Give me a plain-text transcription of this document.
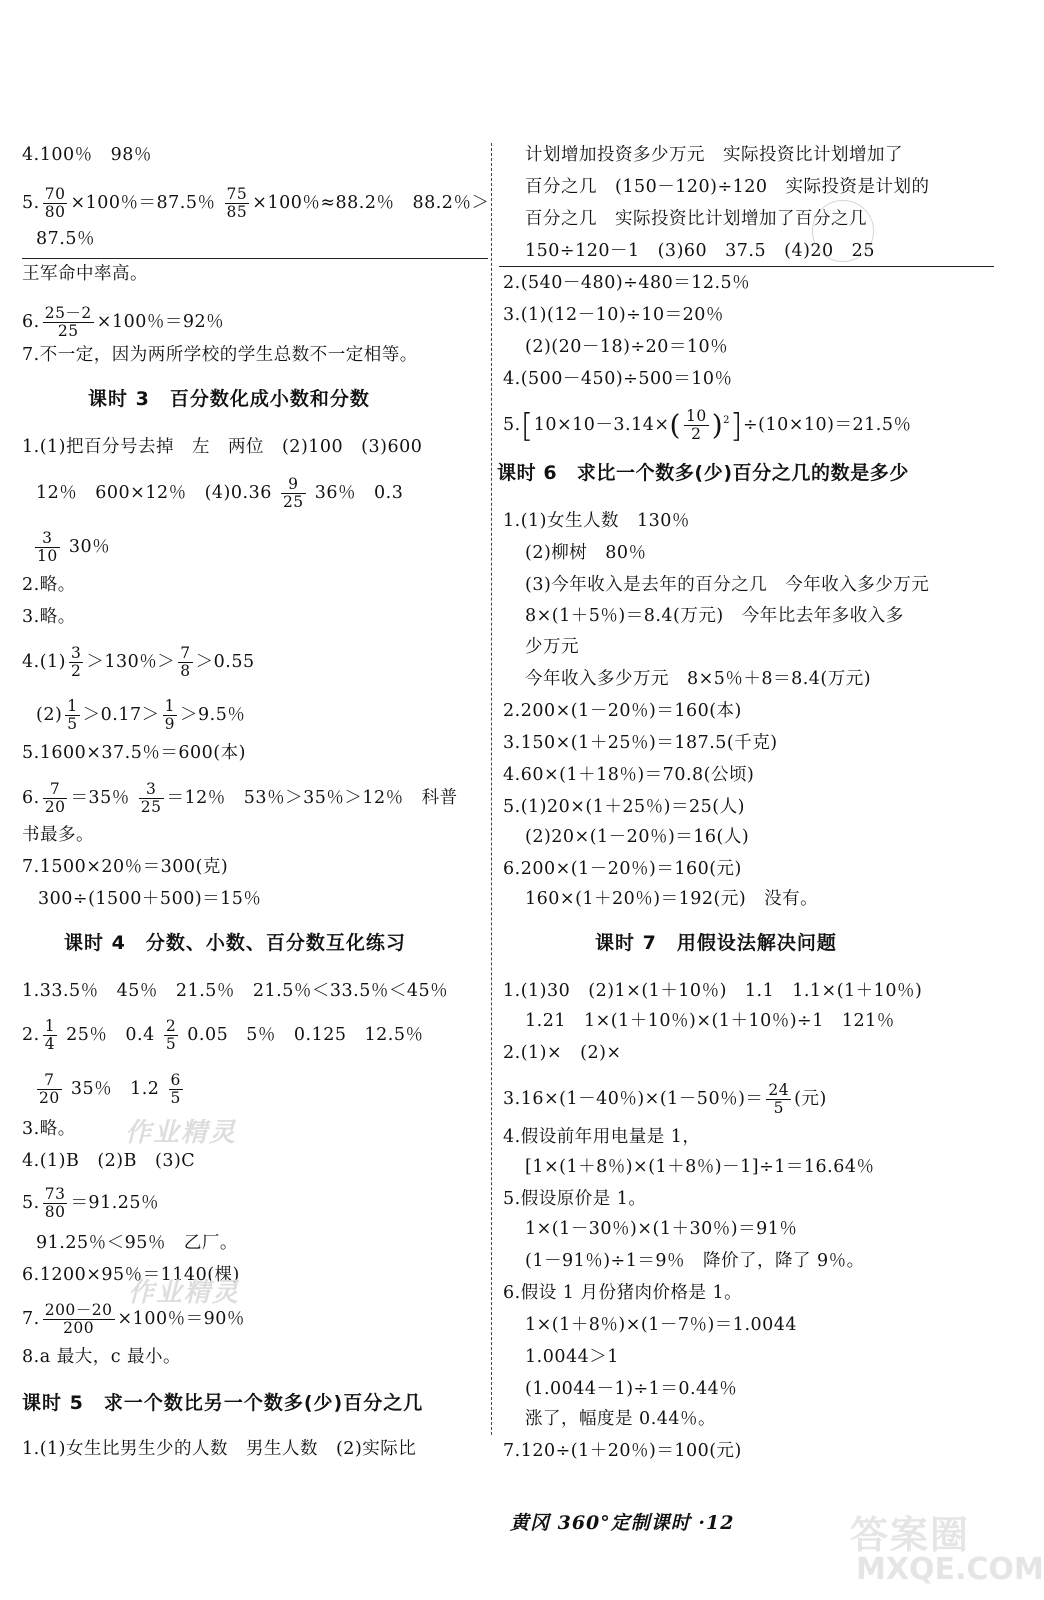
4.100％　98％
5. $\frac{70}{80} \times 100$％＝87.5％ $\frac{75}{85} \times 100$％≈88.2％　88.2％＞
87.5％
王军命中率高。
6. $\frac{25-2}{25} \times 100$％＝92％
7.不一定，因为两所学校的学生总数不一定相等。
课时 3　百分数化成小数和分数
1.(1)把百分号去掉　左　两位　(2)100　(3)600
12％　600×12％　$(4)0.36 \frac{9}{25} 36$％　0.3
$\frac{3}{10} 30$％
2.略。
3.略。
$4.(1) \frac{3}{2} >130$％＞ $\frac{7}{8} >0.55$
$(2) \frac{1}{5} >0.17> \frac{1}{9} >9.5$％
5.1600×37.5％＝600(本)
6. $\frac{7}{20} =35$％ $\frac{3}{25} =12$％　53％＞35％＞12％　科普
书最多。
7.1500×20％＝300(克)
300÷(1500＋500)＝15％
课时 4　分数、小数、百分数互化练习
1.33.5％　45％　21.5％　21.5％＜33.5％＜45％
2. $\frac{1}{4} 25$％　$0.4 \frac{2}{5} 0.05$　5％　0.125　12.5％
$\frac{7}{20} 35$％　$1.2 \frac{6}{5}$
3.略。
4.(1)B　(2)B　(3)C
5. $\frac{73}{80} =91.25$％
91.25％＜95％　乙厂。
6.1200×95％＝1140(棵)
7. $\frac{200-20}{200} \times 100$％＝90％
8.a 最大，c 最小。
课时 5　求一个数比另一个数多(少)百分之几
1.(1)女生比男生少的人数　男生人数　(2)实际比
作业精灵
作业精灵
计划增加投资多少万元　实际投资比计划增加了
百分之几　(150－120)÷120　实际投资是计划的
百分之几　实际投资比计划增加了百分之几
150÷120－1　(3)60　37.5　(4)20　25
2.(540－480)÷480＝12.5％
3.(1)(12－10)÷10＝20％
(2)(20－18)÷20＝10％
4.(500－450)÷500＝10％
$5.[10\times 10-3.14\times( \frac{10}{2} )^2]\div(10\times 10)=21.5$％
课时 6　求比一个数多(少)百分之几的数是多少
1.(1)女生人数　130％
(2)柳树　80％
(3)今年收入是去年的百分之几　今年收入多少万元
8×(1＋5％)＝8.4(万元)　今年比去年多收入多
少万元
今年收入多少万元　8×5％＋8＝8.4(万元)
2.200×(1－20％)＝160(本)
3.150×(1＋25％)＝187.5(千克)
4.60×(1＋18％)＝70.8(公顷)
5.(1)20×(1＋25％)＝25(人)
(2)20×(1－20％)＝16(人)
6.200×(1－20％)＝160(元)
160×(1＋20％)＝192(元)　没有。
课时 7　用假设法解决问题
1.(1)30　(2)1×(1＋10％)　1.1　1.1×(1＋10％)
1.21　1×(1＋10％)×(1＋10％)÷1　121％
2.(1)×　(2)×
3.16×(1－40％)×(1－50％)＝ $\frac{24}{5}$ (元)
4.假设前年用电量是 1，
[1×(1＋8％)×(1＋8％)－1]÷1＝16.64％
5.假设原价是 1。
1×(1－30％)×(1＋30％)＝91％
(1－91％)÷1＝9％　降价了，降了 9％。
6.假设 1 月份猪肉价格是 1。
1×(1＋8％)×(1－7％)＝1.0044
1.0044＞1
(1.0044－1)÷1＝0.44％
涨了，幅度是 0.44％。
7.120÷(1＋20％)＝100(元)
黄冈 360°定制课时 ·12	答案圈
MXQE.COM
